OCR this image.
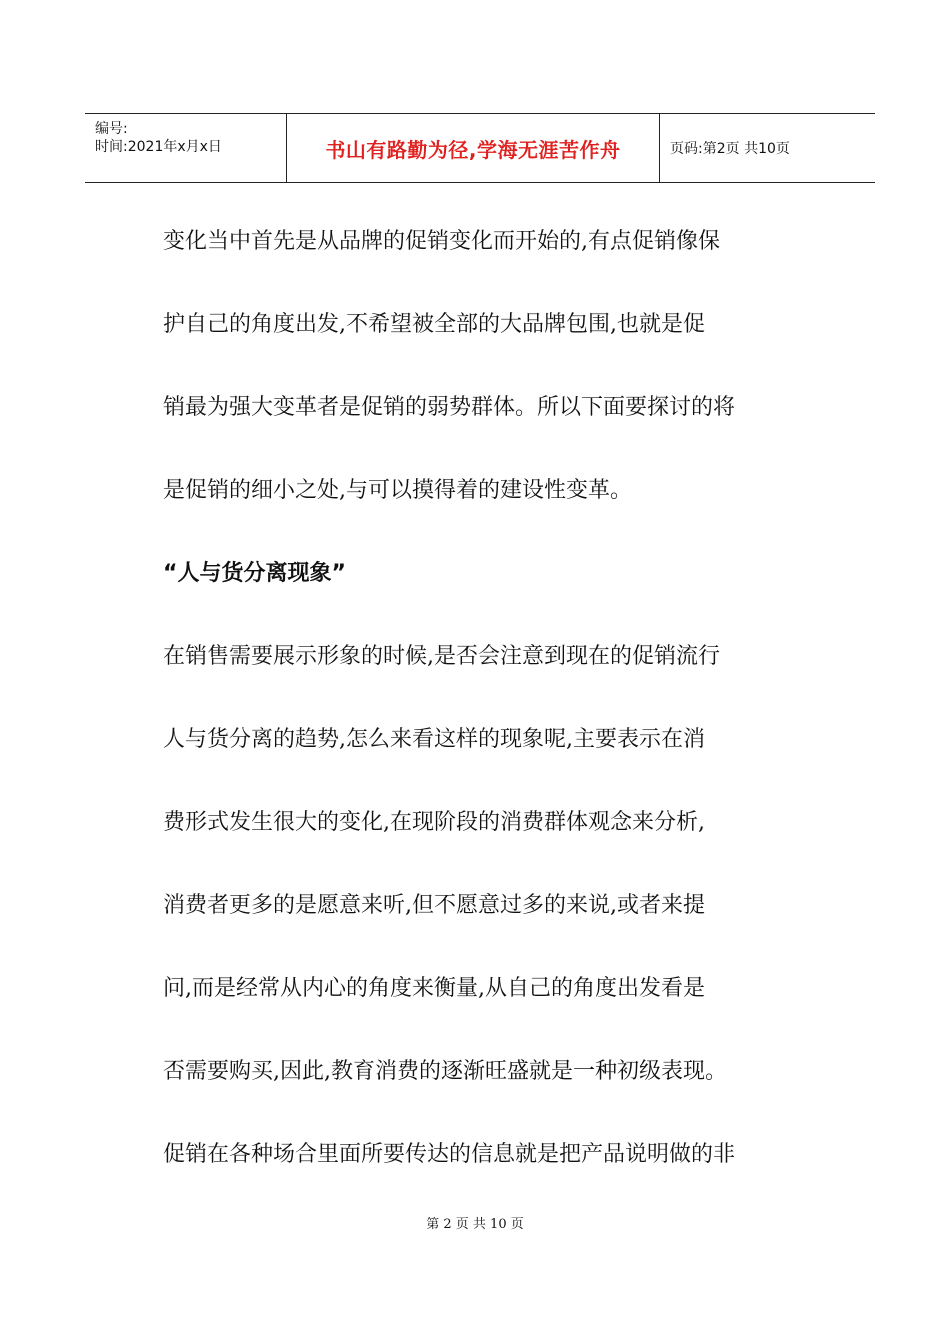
编号:
时间:2021年x月x日	书山有路勤为径,学海无涯苦作舟	页码:第2页 共10页

变化当中首先是从品牌的促销变化而开始的,有点促销像保

护自己的角度出发,不希望被全部的大品牌包围,也就是促

销最为强大变革者是促销的弱势群体。所以下面要探讨的将

是促销的细小之处,与可以摸得着的建设性变革。

“人与货分离现象”

在销售需要展示形象的时候,是否会注意到现在的促销流行

人与货分离的趋势,怎么来看这样的现象呢,主要表示在消

费形式发生很大的变化,在现阶段的消费群体观念来分析,

消费者更多的是愿意来听,但不愿意过多的来说,或者来提

问,而是经常从内心的角度来衡量,从自己的角度出发看是

否需要购买,因此,教育消费的逐渐旺盛就是一种初级表现。

促销在各种场合里面所要传达的信息就是把产品说明做的非

第 2 页 共 10 页
